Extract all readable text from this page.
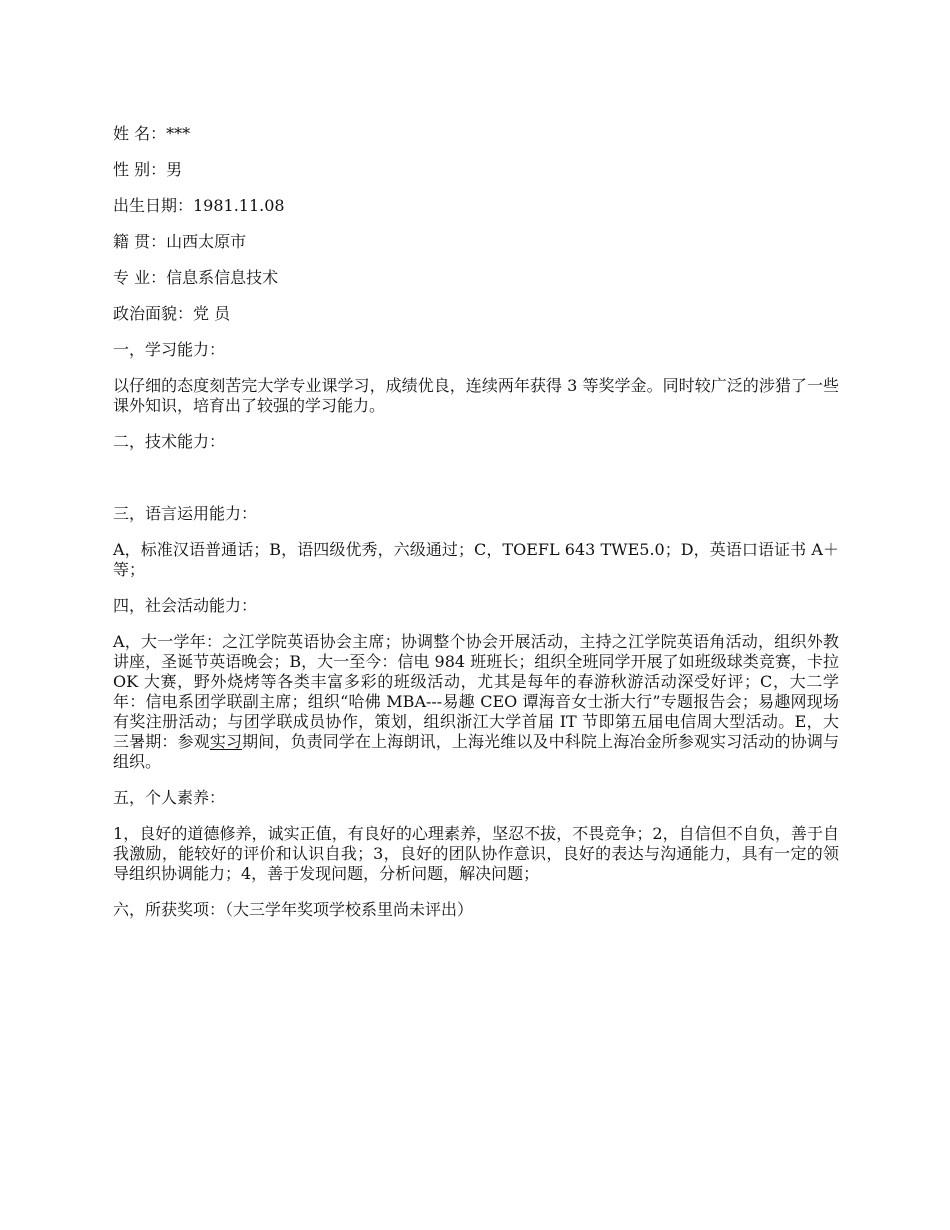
姓 名：***
性 别：男
出生日期：1981.11.08
籍 贯：山西太原市
专 业：信息系信息技术
政治面貌：党 员
一，学习能力：
以仔细的态度刻苦完大学专业课学习，成绩优良，连续两年获得 3 等奖学金。同时较广泛的涉猎了一些课外知识，培育出了较强的学习能力。
二，技术能力：
三，语言运用能力：
A，标准汉语普通话；B，语四级优秀，六级通过；C，TOEFL 643 TWE5.0；D，英语口语证书 A＋等；
四，社会活动能力：
A，大一学年：之江学院英语协会主席；协调整个协会开展活动，主持之江学院英语角活动，组织外教讲座，圣诞节英语晚会；B，大一至今：信电 984 班班长；组织全班同学开展了如班级球类竞赛，卡拉 OK 大赛，野外烧烤等各类丰富多彩的班级活动，尤其是每年的春游秋游活动深受好评；C，大二学年：信电系团学联副主席；组织“哈佛 MBA---易趣 CEO 谭海音女士浙大行”专题报告会；易趣网现场有奖注册活动；与团学联成员协作，策划，组织浙江大学首届 IT 节即第五届电信周大型活动。E，大三暑期：参观实习期间，负责同学在上海朗讯，上海光维以及中科院上海冶金所参观实习活动的协调与组织。
五，个人素养：
1，良好的道德修养，诚实正值，有良好的心理素养，坚忍不拔，不畏竞争；2，自信但不自负，善于自我激励，能较好的评价和认识自我；3，良好的团队协作意识，良好的表达与沟通能力，具有一定的领导组织协调能力；4，善于发现问题，分析问题，解决问题；
六，所获奖项：（大三学年奖项学校系里尚未评出）
